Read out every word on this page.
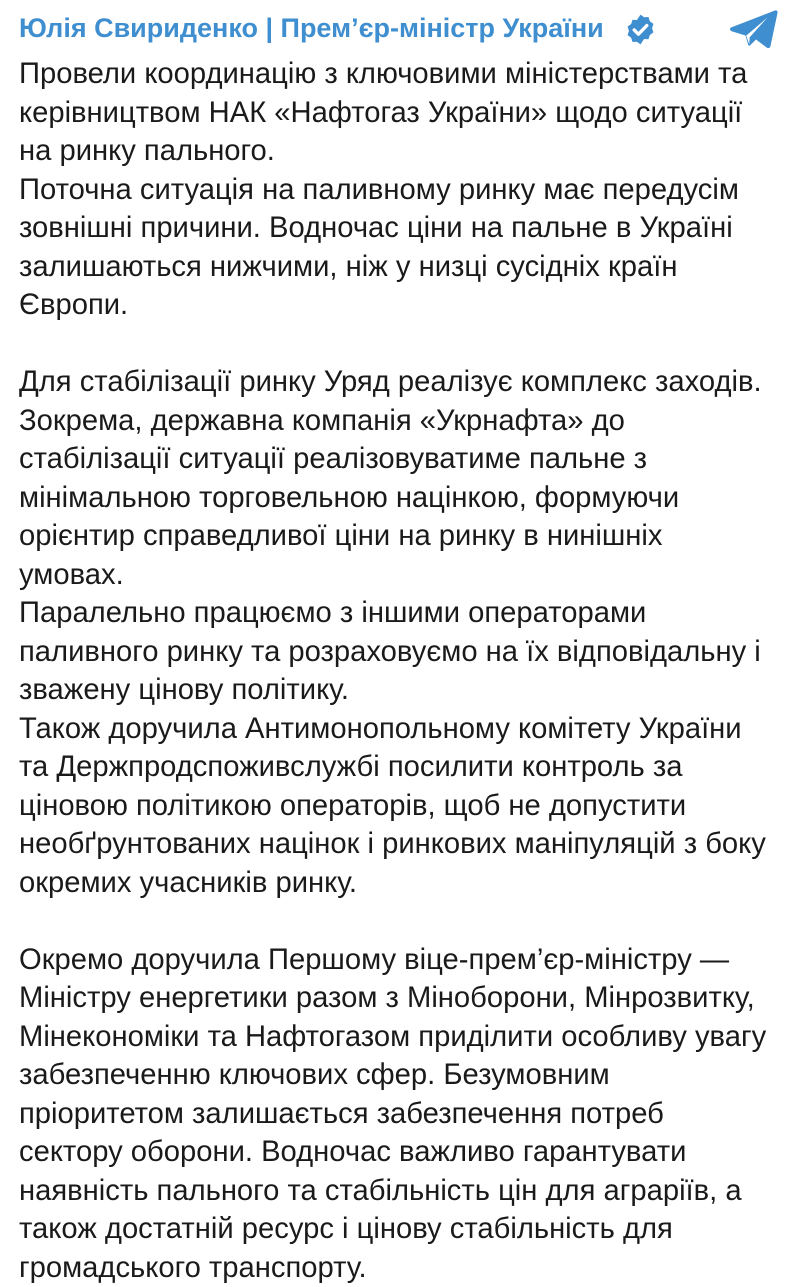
Юлія Свириденко | Прем’єр-міністр України
Провели координацію з ключовими міністерствами та
керівництвом НАК «Нафтогаз України» щодо ситуації
на ринку пального.
Поточна ситуація на паливному ринку має передусім
зовнішні причини. Водночас ціни на пальне в Україні
залишаються нижчими, ніж у низці сусідніх країн
Європи.
Для стабілізації ринку Уряд реалізує комплекс заходів.
Зокрема, державна компанія «Укрнафта» до
стабілізації ситуації реалізовуватиме пальне з
мінімальною торговельною націнкою, формуючи
орієнтир справедливої ціни на ринку в нинішніх
умовах.
Паралельно працюємо з іншими операторами
паливного ринку та розраховуємо на їх відповідальну і
зважену цінову політику.
Також доручила Антимонопольному комітету України
та Держпродспоживслужбі посилити контроль за
ціновою політикою операторів, щоб не допустити
необґрунтованих націнок і ринкових маніпуляцій з боку
окремих учасників ринку.
Окремо доручила Першому віце-прем’єр-міністру —
Міністру енергетики разом з Міноборони, Мінрозвитку,
Мінекономіки та Нафтогазом приділити особливу увагу
забезпеченню ключових сфер. Безумовним
пріоритетом залишається забезпечення потреб
сектору оборони. Водночас важливо гарантувати
наявність пального та стабільність цін для аграріїв, а
також достатній ресурс і цінову стабільність для
громадського транспорту.
